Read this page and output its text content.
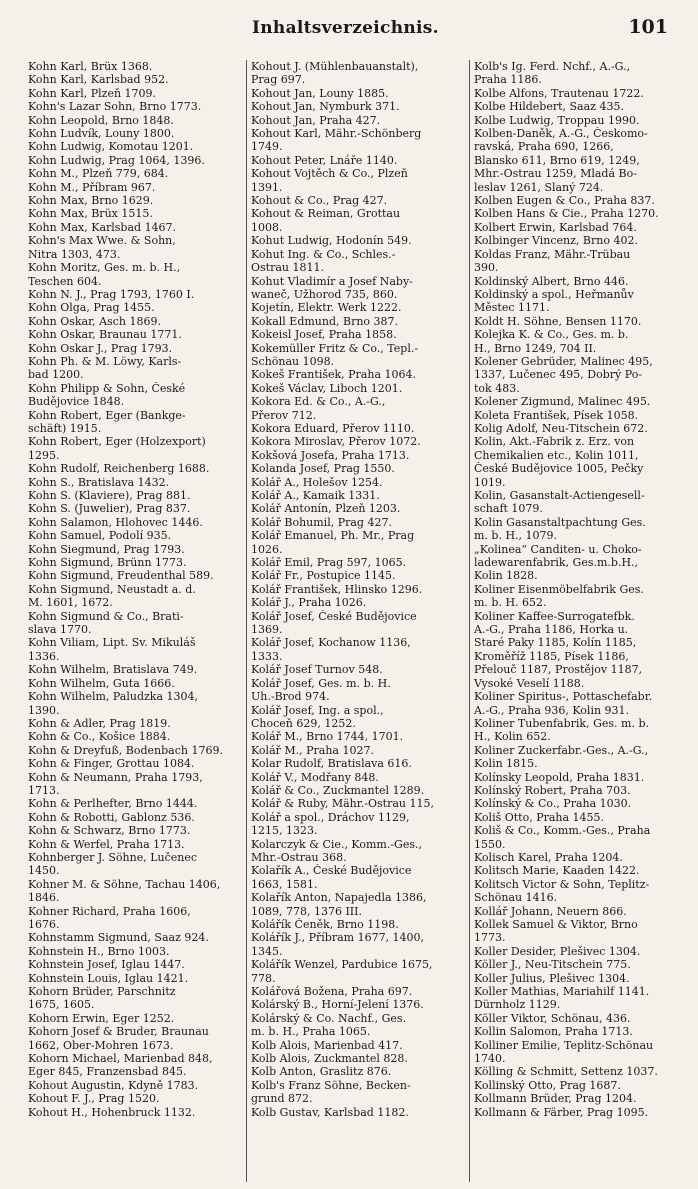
Inhaltsverzeichnis.	101
Kohn Karl, Brüx 1368.
Kohn Karl, Karlsbad 952.
Kohn Karl, Plzeň 1709.
Kohn's Lazar Sohn, Brno 1773.
Kohn Leopold, Brno 1848.
Kohn Ludvík, Louny 1800.
Kohn Ludwig, Komotau 1201.
Kohn Ludwig, Prag 1064, 1396.
Kohn M., Plzeň 779, 684.
Kohn M., Příbram 967.
Kohn Max, Brno 1629.
Kohn Max, Brüx 1515.
Kohn Max, Karlsbad 1467.
Kohn's Max Wwe. & Sohn,
Nitra 1303, 473.
Kohn Moritz, Ges. m. b. H.,
Teschen 604.
Kohn N. J., Prag 1793, 1760 I.
Kohn Olga, Prag 1455.
Kohn Oskar, Asch 1869.
Kohn Oskar, Braunau 1771.
Kohn Oskar J., Prag 1793.
Kohn Ph. & M. Löwy, Karls-
bad 1200.
Kohn Philipp & Sohn, České
Budějovice 1848.
Kohn Robert, Eger (Bankge-
schäft) 1915.
Kohn Robert, Eger (Holzexport)
1295.
Kohn Rudolf, Reichenberg 1688.
Kohn S., Bratislava 1432.
Kohn S. (Klaviere), Prag 881.
Kohn S. (Juwelier), Prag 837.
Kohn Salamon, Hlohovec 1446.
Kohn Samuel, Podolí 935.
Kohn Siegmund, Prag 1793.
Kohn Sigmund, Brünn 1773.
Kohn Sigmund, Freudenthal 589.
Kohn Sigmund, Neustadt a. d.
M. 1601, 1672.
Kohn Sigmund & Co., Brati-
slava 1770.
Kohn Viliam, Lipt. Sv. Mikuláš
1336.
Kohn Wilhelm, Bratislava 749.
Kohn Wilhelm, Guta 1666.
Kohn Wilhelm, Paludzka 1304,
1390.
Kohn & Adler, Prag 1819.
Kohn & Co., Košice 1884.
Kohn & Dreyfuß, Bodenbach 1769.
Kohn & Finger, Grottau 1084.
Kohn & Neumann, Praha 1793,
1713.
Kohn & Perlhefter, Brno 1444.
Kohn & Robotti, Gablonz 536.
Kohn & Schwarz, Brno 1773.
Kohn & Werfel, Praha 1713.
Kohnberger J. Söhne, Lučenec
1450.
Kohner M. & Söhne, Tachau 1406,
1846.
Kohner Richard, Praha 1606,
1676.
Kohnstamm Sigmund, Saaz 924.
Kohnstein H., Brno 1003.
Kohnstein Josef, Iglau 1447.
Kohnstein Louis, Iglau 1421.
Kohorn Brüder, Parschnitz
1675, 1605.
Kohorn Erwin, Eger 1252.
Kohorn Josef & Bruder, Braunau
1662, Ober-Mohren 1673.
Kohorn Michael, Marienbad 848,
Eger 845, Franzensbad 845.
Kohout Augustin, Kdyně 1783.
Kohout F. J., Prag 1520.
Kohout H., Hohenbruck 1132.
Kohout J. (Mühlenbauanstalt),
Prag 697.
Kohout Jan, Louny 1885.
Kohout Jan, Nymburk 371.
Kohout Jan, Praha 427.
Kohout Karl, Mähr.-Schönberg
1749.
Kohout Peter, Lnáře 1140.
Kohout Vojtěch & Co., Plzeň
1391.
Kohout & Co., Prag 427.
Kohout & Reiman, Grottau
1008.
Kohut Ludwig, Hodonín 549.
Kohut Ing. & Co., Schles.-
Ostrau 1811.
Kohut Vladimír a Josef Naby-
waneč, Užhorod 735, 860.
Kojetín, Elektr. Werk 1222.
Kokall Edmund, Brno 387.
Kokeisl Josef, Praha 1858.
Kokemüller Fritz & Co., Tepl.-
Schönau 1098.
Kokeš František, Praha 1064.
Kokeš Václav, Liboch 1201.
Kokora Ed. & Co., A.-G.,
Přerov 712.
Kokora Eduard, Přerov 1110.
Kokora Miroslav, Přerov 1072.
Kokšová Josefa, Praha 1713.
Kolanda Josef, Prag 1550.
Kolář A., Holešov 1254.
Kolář A., Kamaik 1331.
Kolář Antonín, Plzeň 1203.
Kolář Bohumil, Prag 427.
Kolář Emanuel, Ph. Mr., Prag
1026.
Kolář Emil, Prag 597, 1065.
Kolář Fr., Postupice 1145.
Kolář František, Hlinsko 1296.
Kolář J., Praha 1026.
Kolář Josef, České Budějovice
1369.
Kolář Josef, Kochanow 1136,
1333.
Kolář Josef Turnov 548.
Kolář Josef, Ges. m. b. H.
Uh.-Brod 974.
Kolář Josef, Ing. a spol.,
Choceň 629, 1252.
Kolář M., Brno 1744, 1701.
Kolář M., Praha 1027.
Kolar Rudolf, Bratislava 616.
Kolář V., Modřany 848.
Kolář & Co., Zuckmantel 1289.
Kolář & Ruby, Mähr.-Ostrau 115,
Kolář a spol., Dráchov 1129,
1215, 1323.
Kolarczyk & Cie., Komm.-Ges.,
Mhr.-Ostrau 368.
Kolařík A., České Budějovice
1663, 1581.
Kolařík Anton, Napajedla 1386,
1089, 778, 1376 III.
Kolářík Čeněk, Brno 1198.
Kolářík J., Příbram 1677, 1400,
1345.
Kolářík Wenzel, Pardubice 1675,
778.
Kolářová Božena, Praha 697.
Kolárský B., Horní-Jelení 1376.
Kolárský & Co. Nachf., Ges.
m. b. H., Praha 1065.
Kolb Alois, Marienbad 417.
Kolb Alois, Zuckmantel 828.
Kolb Anton, Graslitz 876.
Kolb's Franz Söhne, Becken-
grund 872.
Kolb Gustav, Karlsbad 1182.
Kolb's Ig. Ferd. Nchf., A.-G.,
Praha 1186.
Kolbe Alfons, Trautenau 1722.
Kolbe Hildebert, Saaz 435.
Kolbe Ludwig, Troppau 1990.
Kolben-Daněk, A.-G., Českomo-
ravská, Praha 690, 1266,
Blansko 611, Brno 619, 1249,
Mhr.-Ostrau 1259, Mladá Bo-
leslav 1261, Slaný 724.
Kolben Eugen & Co., Praha 837.
Kolben Hans & Cie., Praha 1270.
Kolbert Erwin, Karlsbad 764.
Kolbinger Vincenz, Brno 402.
Koldas Franz, Mähr.-Trübau
390.
Koldinský Albert, Brno 446.
Koldinský a spol., Heřmanův
Městec 1171.
Koldt H. Söhne, Bensen 1170.
Kolejka K. & Co., Ges. m. b.
H., Brno 1249, 704 II.
Kolener Gebrüder, Malinec 495,
1337, Lučenec 495, Dobrý Po-
tok 483.
Kolener Zigmund, Malinec 495.
Koleta František, Písek 1058.
Kolig Adolf, Neu-Titschein 672.
Kolin, Akt.-Fabrik z. Erz. von
Chemikalien etc., Kolin 1011,
České Budějovice 1005, Pečky
1019.
Kolin, Gasanstalt-Actiengesell-
schaft 1079.
Kolin Gasanstaltpachtung Ges.
m. b. H., 1079.
„Kolinea“ Canditen- u. Choko-
ladewarenfabrik, Ges.m.b.H.,
Kolin 1828.
Koliner Eisenmöbelfabrik Ges.
m. b. H. 652.
Koliner Kaffee-Surrogatefbk.
A.-G., Praha 1186, Horka u.
Staré Paky 1185, Kolín 1185,
Kroměříž 1185, Písek 1186,
Přelouč 1187, Prostějov 1187,
Vysoké Veselí 1188.
Koliner Spiritus-, Pottaschefabr.
A.-G., Praha 936, Kolin 931.
Koliner Tubenfabrik, Ges. m. b.
H., Kolin 652.
Koliner Zuckerfabr.-Ges., A.-G.,
Kolin 1815.
Kolínsky Leopold, Praha 1831.
Kolínský Robert, Praha 703.
Kolínský & Co., Praha 1030.
Koliš Otto, Praha 1455.
Koliš & Co., Komm.-Ges., Praha
1550.
Kolisch Karel, Praha 1204.
Kolitsch Marie, Kaaden 1422.
Kolitsch Victor & Sohn, Teplitz-
Schönau 1416.
Kollář Johann, Neuern 866.
Kollek Samuel & Viktor, Brno
1773.
Koller Desider, Plešivec 1304.
Köller J., Neu-Titschein 775.
Koller Julius, Plešivec 1304.
Koller Mathias, Mariahilf 1141.
Dürnholz 1129.
Köller Viktor, Schönau, 436.
Kollin Salomon, Praha 1713.
Kolliner Emilie, Teplitz-Schönau
1740.
Kölling & Schmitt, Settenz 1037.
Kollinský Otto, Prag 1687.
Kollmann Brüder, Prag 1204.
Kollmann & Färber, Prag 1095.
